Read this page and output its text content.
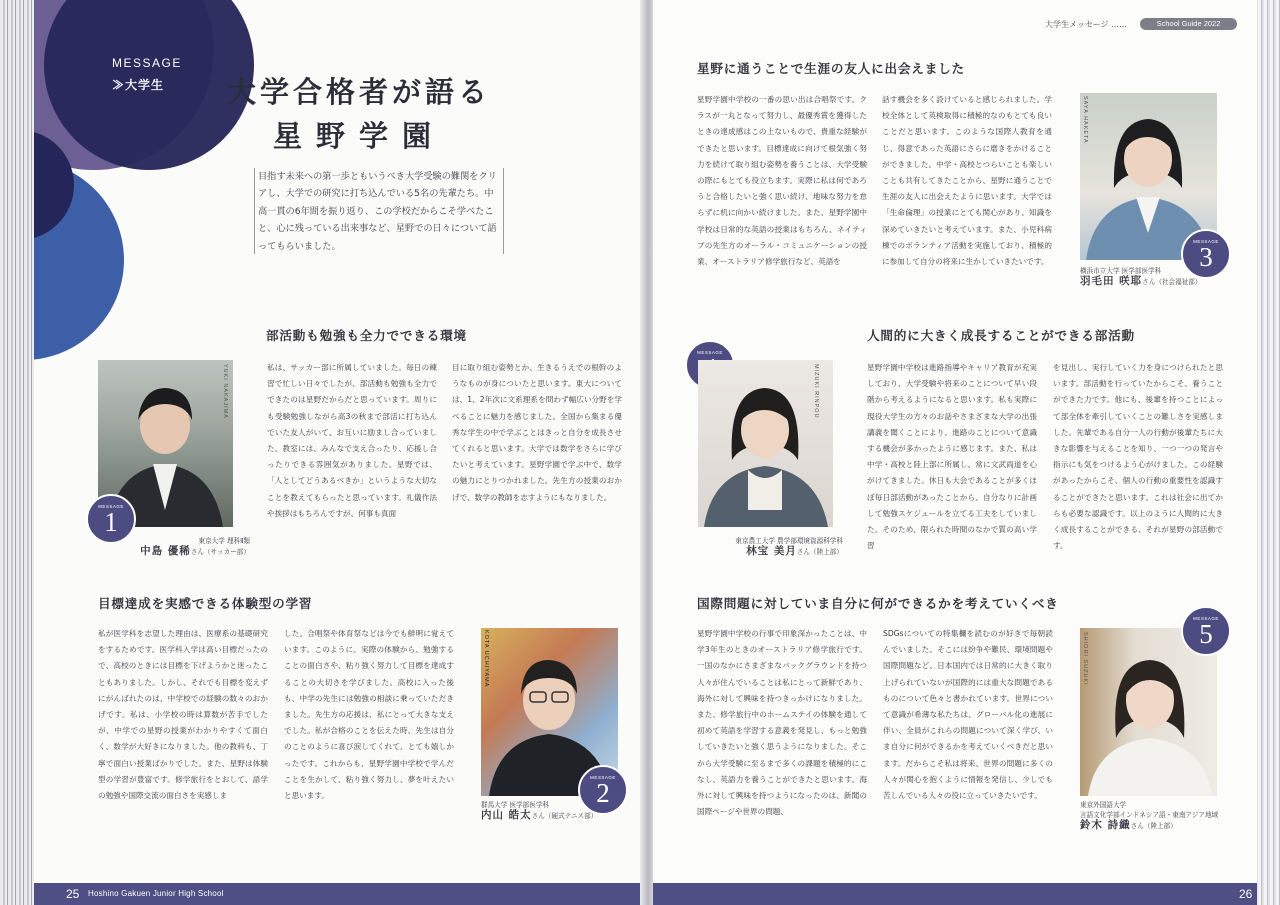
MESSAGE
≫大学生	大学合格者が語る
星野学園
目指す未来への第一歩ともいうべき大学受験の難関をクリアし、大学での研究に打ち込んでいる5名の先輩たち。中高一貫の6年間を振り返り、この学校だからこそ学べたこと、心に残っている出来事など、星野での日々について語ってもらいました。
部活動も勉強も全力でできる環境
YUKI NAKAJIMA
MESSAGE
1
東京大学 理科Ⅱ類
中島 優稀さん（サッカー部）
私は、サッカー部に所属していました。毎日の練習で忙しい日々でしたが、部活動も勉強も全力でできたのは星野だからだと思っています。周りにも受験勉強しながら高3の秋まで部活に打ち込んでいた友人がいて、お互いに励まし合っていました。教室には、みんなで支え合ったり、応援し合ったりできる雰囲気がありました。星野では、「人としてどうあるべきか」というような大切なことを教えてもらったと思っています。礼儀作法や挨拶はもちろんですが、何事も真面
目に取り組む姿勢とか、生きるうえでの根幹のようなものが身についたと思います。東大については、1、2年次に文系理系を問わず幅広い分野を学べることに魅力を感じました。全国から集まる優秀な学生の中で学ぶことはきっと自分を成長させてくれると思います。大学では数学をさらに学びたいと考えています。星野学園で学ぶ中で、数学の魅力にとりつかれました。先生方の授業のおかげで、数学の教師を志すようにもなりました。
目標達成を実感できる体験型の学習
私が医学科を志望した理由は、医療系の基礎研究をするためです。医学科入学は高い目標だったので、高校のときには目標を下げようかと迷ったこともありました。しかし、それでも目標を変えずにがんばれたのは、中学校での経験の数々のおかげです。私は、小学校の時は算数が苦手でしたが、中学での星野の授業がわかりやすくて面白く、数学が大好きになりました。他の教科も、丁寧で面白い授業ばかりでした。また、星野は体験型の学習が豊富です。修学旅行をとおして、語学の勉強や国際交流の面白さを実感しま
した。合唱祭や体育祭などは今でも鮮明に覚えています。このように、実際の体験から、勉強することの面白さや、粘り強く努力して目標を達成することの大切さを学びました。高校に入った後も、中学の先生には勉強の相談に乗っていただきました。先生方の応援は、私にとって大きな支えでした。私が合格のことを伝えた時、先生は自分のことのように喜び涙してくれて、とても嬉しかったです。これからも、星野学園中学校で学んだことを生かして、粘り強く努力し、夢を叶えたいと思います。
KOTA UCHIYAMA
MESSAGE
2
群馬大学 医学部医学科
内山 皓太さん（硬式テニス部）
25 Hoshino Gakuen Junior High School
大学生メッセージ ……	School Guide 2022
星野に通うことで生涯の友人に出会えました
星野学園中学校の一番の思い出は合唱祭です。クラスが一丸となって努力し、最優秀賞を獲得したときの達成感はこの上ないもので、貴重な経験ができたと思います。目標達成に向けて根気強く努力を続けて取り組む姿勢を養うことは、大学受験の際にもとても役立ちます。実際に私は何であろうと合格したいと強く思い続け、地味な努力を怠らずに机に向かい続けました。また、星野学園中学校は日常的な英語の授業はもちろん、ネイティブの先生方のオーラル・コミュニケーションの授業、オーストラリア修学旅行など、英語を
話す機会を多く設けていると感じられました。学校全体として英検取得に積極的なのもとても良いことだと思います。このような国際人教育を通じ、得意であった英語にさらに磨きをかけることができました。中学・高校とつらいことも楽しいことも共有してきたことから、星野に通うことで生涯の友人に出会えたように思います。大学では「生命倫理」の授業にとても関心があり、知識を深めていきたいと考えています。また、小児科病棟でのボランティア活動を実施しており、積極的に参加して自分の将来に生かしていきたいです。
SAYA HAKETA
MESSAGE
3
横浜市立大学 医学部医学科
羽毛田 咲耶さん（社会福祉部）
人間的に大きく成長することができる部活動
MESSAGE
MIZUKI RINPOU
東京農工大学 農学部環境資源科学科
林宝 美月さん（陸上部）
星野学園中学校は進路指導やキャリア教育が充実しており、大学受験や将来のことについて早い段階から考えるようになると思います。私も実際に現役大学生の方々のお話やさまざまな大学の出張講義を聞くことにより、進路のことについて意識する機会が多かったように感じます。また、私は中学・高校と陸上部に所属し、常に文武両道を心がけてきました。休日も大会であることが多くほぼ毎日部活動があったことから、自分なりに計画して勉強スケジュールを立てる工夫をしていました。そのため、限られた時間のなかで質の高い学習
を見出し、実行していく力を身につけられたと思います。部活動を行っていたからこそ、養うことができた力です。他にも、後輩を持つことによって部全体を牽引していくことの難しさを実感しました。先輩である自分一人の行動が後輩たちに大きな影響を与えることを知り、一つ一つの発言や指示にも気をつけるよう心がけました。この経験があったからこそ、個人の行動の重要性を認識することができたと思います。これは社会に出てからも必要な認識です。以上のように人間的に大きく成長することができる、それが星野の部活動です。
国際問題に対していま自分に何ができるかを考えていくべき
星野学園中学校の行事で印象深かったことは、中学3年生のときのオーストラリア修学旅行です。一国のなかにさまざまなバックグラウンドを持つ人々が住んでいることは私にとって新鮮であり、海外に対して興味を持つきっかけになりました。また、修学旅行中のホームステイの体験を通して初めて英語を学習する意義を発見し、もっと勉強していきたいと強く思うようになりました。そこから大学受験に至るまで多くの課題を積極的にこなし、英語力を養うことができたと思います。海外に対して興味を持つようになったのは、新聞の国際ページや世界の問題、
SDGsについての特集欄を読むのが好きで毎朝読んでいました。そこには紛争や難民、環境問題や国際問題など、日本国内では日常的に大きく取り上げられていないが国際的には重大な問題であるものについて色々と書かれています。世界について意識が希薄な私たちは、グローバル化の進展に伴い、全員がこれらの問題について深く学び、いま自分に何ができるかを考えていくべきだと思います。だからこそ私は将来、世界の問題に多くの人々が関心を抱くように情報を発信し、少しでも苦しんでいる人々の役に立っていきたいです。
SHIORI SUZUKI
MESSAGE
5
東京外国語大学
言語文化学部インドネシア語・東南アジア地域
鈴木 詩織さん（陸上部）
26
